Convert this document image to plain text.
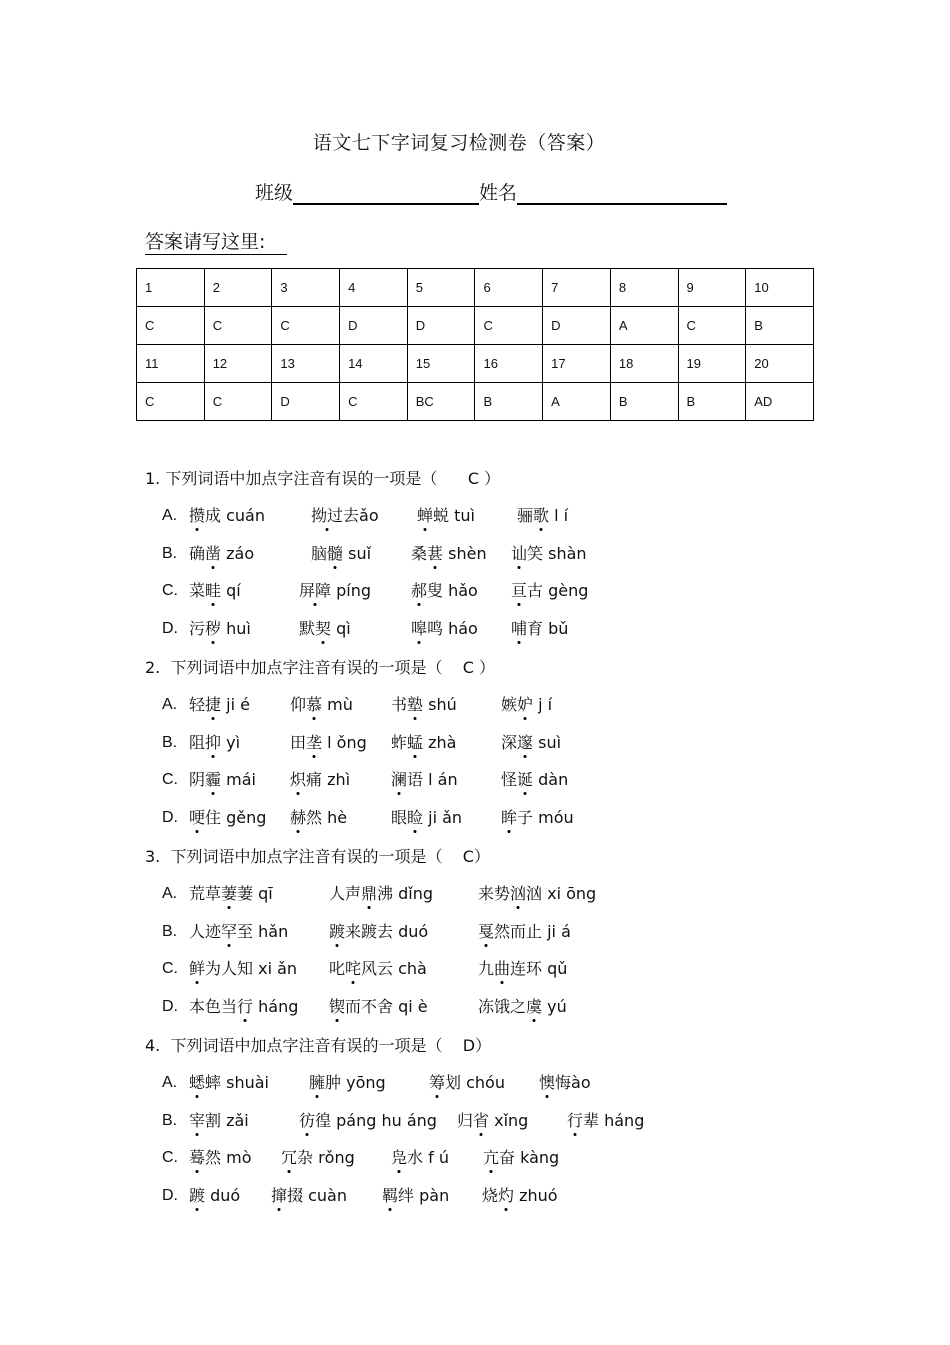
语文七下字词复习检测卷（答案）
班级	姓名
答案请写这里:
1	2	3	4	5	6	7	8	9	10
C	C	C	D	D	C	D	A	C	B
11	12	13	14	15	16	17	18	19	20
C	C	D	C	BC	B	A	B	B	AD
1. 下列词语中加点字注音有误的一项是（      C ）
A. 攒成 cuán	拗过去ǎo	蝉蜕 tuì	骊歌 l í
B. 确凿 záo	脑髓 suǐ	桑葚 shèn	讪笑 shàn
C. 菜畦 qí	屏障 píng	郝叟 hǎo	亘古 gèng
D. 污秽 huì	默契 qì	嗥鸣 háo	哺育 bǔ
2.  下列词语中加点字注音有误的一项是（    C ）
A. 轻捷 ji é	仰慕 mù	书塾 shú	嫉妒 j í
B. 阻抑 yì	田垄 l ǒng	蚱蜢 zhà	深邃 suì
C. 阴霾 mái	炽痛 zhì	澜语 l án	怪诞 dàn
D. 哽住 gěng	赫然 hè	眼睑 ji ǎn	眸子 móu
3.  下列词语中加点字注音有误的一项是（    C）
A. 荒草萋萋 qī	人声鼎沸 dǐng	来势汹汹 xi ōng
B. 人迹罕至 hǎn	踱来踱去 duó	戛然而止 ji á
C. 鲜为人知 xi ǎn	叱咤风云 chà	九曲连环 qǔ
D. 本色当行 háng	锲而不舍 qi è	冻饿之虞 yú
4.  下列词语中加点字注音有误的一项是（    D）
A. 蟋蟀 shuài	臃肿 yōng	筹划 chóu	懊悔ào
B. 宰割 zǎi	彷徨 páng hu áng	归省 xǐng	行辈 háng
C. 蓦然 mò	冗杂 rǒng	凫水 f ú	亢奋 kàng
D. 踱 duó	撺掇 cuàn	羁绊 pàn	烧灼 zhuó
